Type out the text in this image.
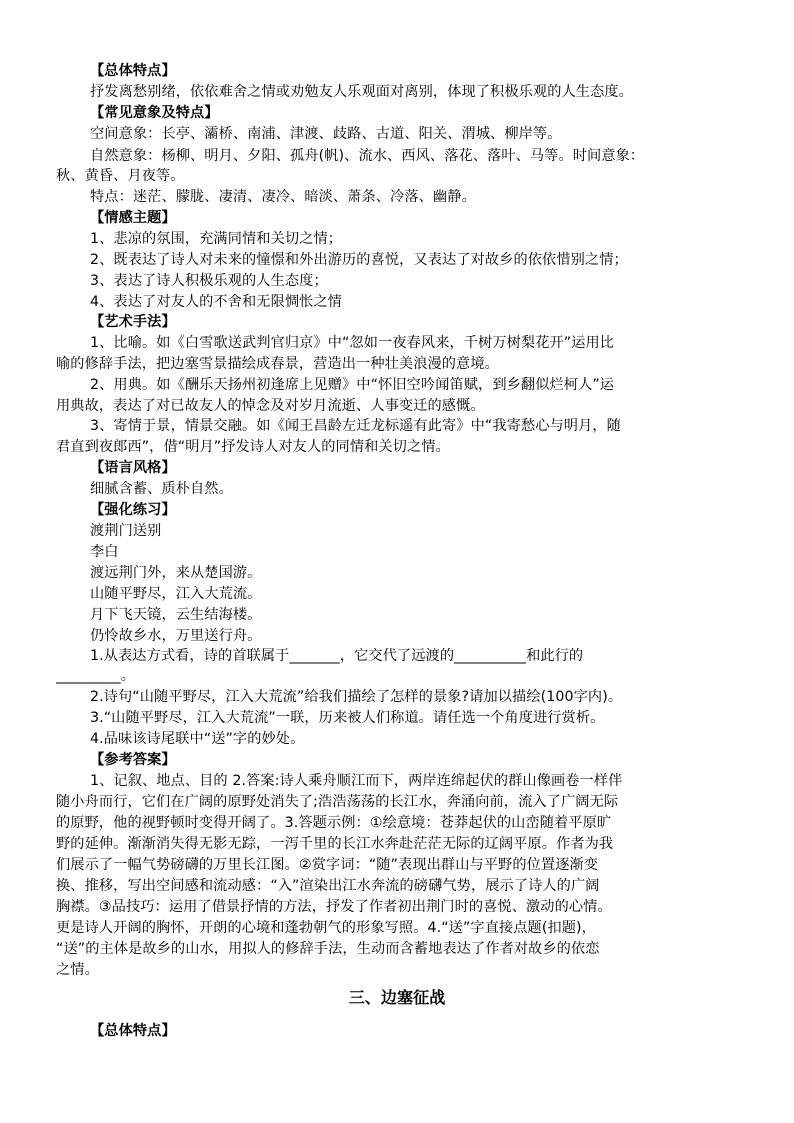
【总体特点】
抒发离愁别绪，依依难舍之情或劝勉友人乐观面对离别，体现了积极乐观的人生态度。
【常见意象及特点】
空间意象：长亭、灞桥、南浦、津渡、歧路、古道、阳关、渭城、柳岸等。
自然意象：杨柳、明月、夕阳、孤舟(帆)、流水、西风、落花、落叶、马等。时间意象：
秋、黄昏、月夜等。
特点：迷茫、朦胧、凄清、凄冷、暗淡、萧条、冷落、幽静。
【情感主题】
1、悲凉的氛围，充满同情和关切之情；
2、既表达了诗人对未来的憧憬和外出游历的喜悦，又表达了对故乡的依依惜别之情；
3、表达了诗人积极乐观的人生态度；
4、表达了对友人的不舍和无限惆怅之情
【艺术手法】
1、比喻。如《白雪歌送武判官归京》中“忽如一夜春风来，千树万树梨花开”运用比
喻的修辞手法，把边塞雪景描绘成春景，营造出一种壮美浪漫的意境。
2、用典。如《酬乐天扬州初逢席上见赠》中“怀旧空吟闻笛赋，到乡翻似烂柯人”运
用典故，表达了对已故友人的悼念及对岁月流逝、人事变迁的感慨。
3、寄情于景，情景交融。如《闻王昌龄左迁龙标遥有此寄》中“我寄愁心与明月，随
君直到夜郎西”，借“明月”抒发诗人对友人的同情和关切之情。
【语言风格】
细腻含蓄、质朴自然。
【强化练习】
渡荆门送别
李白
渡远荆门外，来从楚国游。
山随平野尽，江入大荒流。
月下飞天镜，云生结海楼。
仍怜故乡水，万里送行舟。
1.从表达方式看，诗的首联属于_______，它交代了远渡的__________和此行的
_________。
2.诗句“山随平野尽，江入大荒流”给我们描绘了怎样的景象?请加以描绘(100字内)。
3.“山随平野尽，江入大荒流”一联，历来被人们称道。请任选一个角度进行赏析。
4.品味该诗尾联中“送”字的妙处。
【参考答案】
1、记叙、地点、目的 2.答案:诗人乘舟顺江而下，两岸连绵起伏的群山像画卷一样伴
随小舟而行，它们在广阔的原野处消失了;浩浩荡荡的长江水，奔涌向前，流入了广阔无际
的原野，他的视野顿时变得开阔了。3.答题示例：①绘意境：苍莽起伏的山峦随着平原旷
野的延伸。渐渐消失得无影无踪，一泻千里的长江水奔赴茫茫无际的辽阔平原。作者为我
们展示了一幅气势磅礴的万里长江图。②赏字词：“随”表现出群山与平野的位置逐渐变
换、推移，写出空间感和流动感：“入”渲染出江水奔流的磅礴气势，展示了诗人的广阔
胸襟。③品技巧：运用了借景抒情的方法，抒发了作者初出荆门时的喜悦、激动的心情。
更是诗人开阔的胸怀，开朗的心境和蓬勃朝气的形象写照。4.“送”字直接点题(扣题)，
“送”的主体是故乡的山水，用拟人的修辞手法，生动而含蓄地表达了作者对故乡的依恋
之情。
三、边塞征战
【总体特点】
